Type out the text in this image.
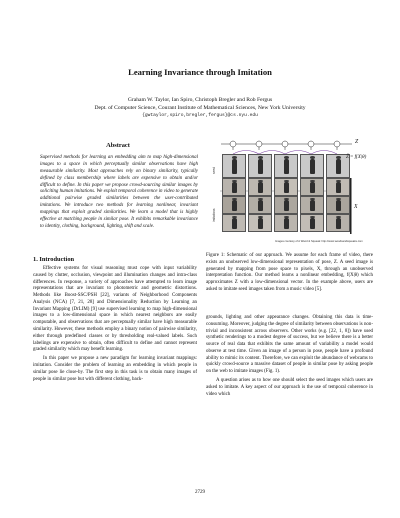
Learning Invariance through Imitation
Graham W. Taylor, Ian Spiro, Christoph Bregler and Rob Fergus
Dept. of Computer Science, Courant Institute of Mathematical Sciences, New York University
{gwtaylor,spiro,bregler,fergus}@cs.nyu.edu
Abstract
Supervised methods for learning an embedding aim to map high-dimensional images to a space in which perceptually similar observations have high measurable similarity. Most approaches rely on binary similarity, typically defined by class membership where labels are expensive to obtain and/or difficult to define. In this paper we propose crowd-sourcing similar images by soliciting human imitations. We exploit temporal coherence in video to generate additional pairwise graded similarities between the user-contributed imitations. We introduce two methods for learning nonlinear, invariant mappings that exploit graded similarities. We learn a model that is highly effective at matching people in similar pose. It exhibits remarkable invariance to identity, clothing, background, lighting, shift and scale.
1. Introduction

Effective systems for visual reasoning must cope with input variability caused by clutter, occlusion, viewpoint and illumination changes and intra-class differences. In response, a variety of approaches have attempted to learn image representations that are invariant to photometric and geometric distortions. Methods like Boost-SSC/PSH [22], variants of Neighborhood Components Analysis (NCA) [7, 21, 28] and Dimensionality Reduction by Learning an Invariant Mapping (DrLIM) [9] use supervised learning to map high-dimensional images to a low-dimensional space in which nearest neighbors are easily computable, and observations that are perceptually similar have high measurable similarity. However, these methods employ a binary notion of pairwise similarity, either through predefined classes or by thresholding real-valued labels. Such labelings are expensive to obtain, often difficult to define and cannot represent graded similarity which may benefit learning.

In this paper we propose a new paradigm for learning invariant mappings: imitation. Consider the problem of learning an embedding in which people in similar pose lie close-by. The first step in this task is to obtain many images of people in similar pose but with different clothing, back-

seed
imitations
Z
Ẑ = f(X|θ)
X
Images courtesy of A Wood & Squeak: http://www.woodsandsqueaks.com

Figure 1: Schematic of our approach. We assume for each frame of video, there exists an unobserved low-dimensional representation of pose, Z. A seed image is generated by mapping from pose space to pixels, X, through an unobserved interpretation function. Our method learns a nonlinear embedding, f(X|θ) which approximates Z with a low-dimensional vector. In the example above, users are asked to imitate seed images taken from a music video [5].

grounds, lighting and other appearance changes. Obtaining this data is time-consuming. Moreover, judging the degree of similarity between observations is non-trivial and inconsistent across observers. Other works (e.g. [22, 1, 8]) have used synthetic renderings to a modest degree of success, but we believe there is a better source of real data that exhibits the same amount of variability a model would observe at test time. Given an image of a person in pose, people have a profound ability to mimic its content. Therefore, we can exploit the abundance of webcams to quickly crowd-source a massive dataset of people in similar pose by asking people on the web to imitate images (Fig. 1).

A question arises as to how one should select the seed images which users are asked to imitate. A key aspect of our approach is the use of temporal coherence in video which

2729
